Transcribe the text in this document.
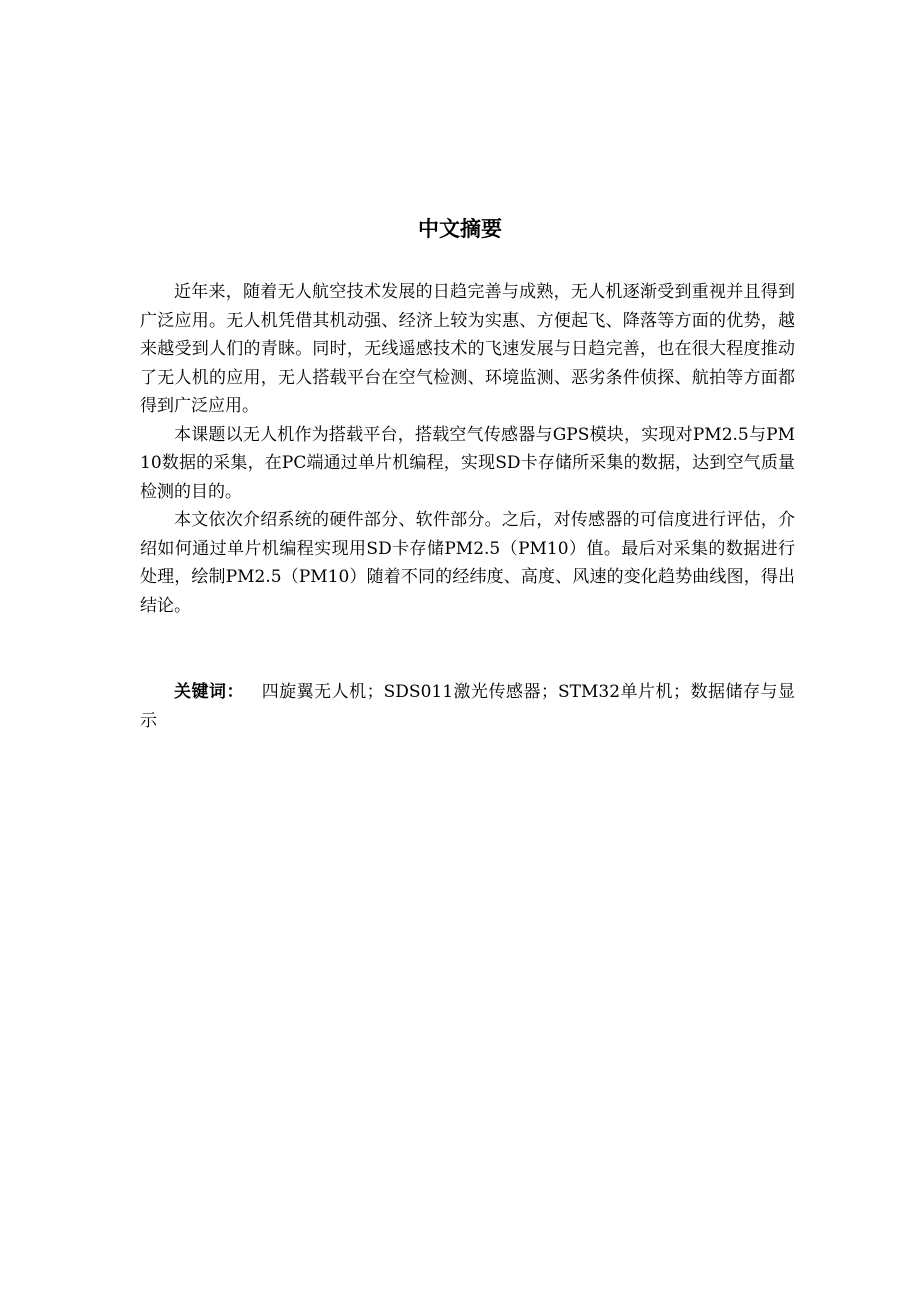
中文摘要

近年来，随着无人航空技术发展的日趋完善与成熟，无人机逐渐受到重视并且得到广泛应用。无人机凭借其机动强、经济上较为实惠、方便起飞、降落等方面的优势，越来越受到人们的青睐。同时，无线遥感技术的飞速发展与日趋完善，也在很大程度推动了无人机的应用，无人搭载平台在空气检测、环境监测、恶劣条件侦探、航拍等方面都得到广泛应用。

本课题以无人机作为搭载平台，搭载空气传感器与GPS模块，实现对PM2.5与PM10数据的采集，在PC端通过单片机编程，实现SD卡存储所采集的数据，达到空气质量检测的目的。

本文依次介绍系统的硬件部分、软件部分。之后，对传感器的可信度进行评估，介绍如何通过单片机编程实现用SD卡存储PM2.5（PM10）值。最后对采集的数据进行处理，绘制PM2.5（PM10）随着不同的经纬度、高度、风速的变化趋势曲线图，得出结论。

关键词： 四旋翼无人机；SDS011激光传感器；STM32单片机；数据储存与显示
